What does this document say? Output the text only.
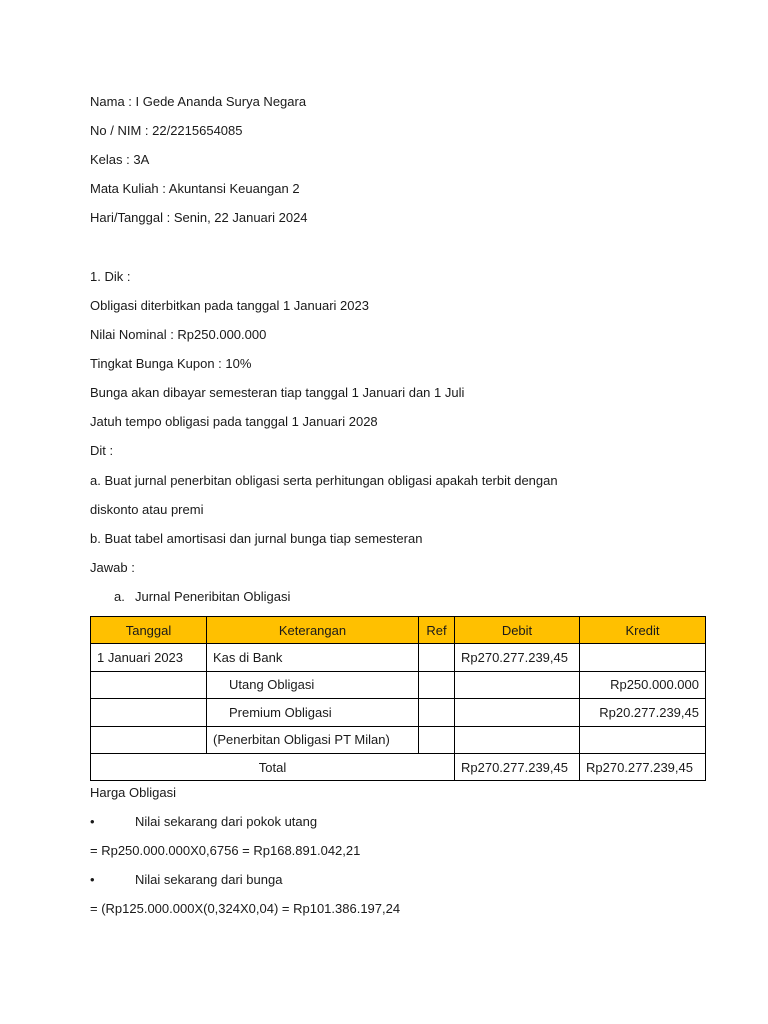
Nama : I Gede Ananda Surya Negara
No / NIM : 22/2215654085
Kelas : 3A
Mata Kuliah : Akuntansi Keuangan 2
Hari/Tanggal : Senin, 22 Januari 2024
1. Dik :
Obligasi diterbitkan pada tanggal 1 Januari 2023
Nilai Nominal : Rp250.000.000
Tingkat Bunga Kupon : 10%
Bunga akan dibayar semesteran tiap tanggal 1 Januari dan 1 Juli
Jatuh tempo obligasi pada tanggal 1 Januari 2028
Dit :
a. Buat jurnal penerbitan obligasi serta perhitungan obligasi apakah terbit dengan
diskonto atau premi
b. Buat tabel amortisasi dan jurnal bunga tiap semesteran
Jawab :
a. Jurnal Peneribitan Obligasi
Tanggal	Keterangan	Ref	Debit	Kredit
1 Januari 2023	Kas di Bank		Rp270.277.239,45	
	Utang Obligasi			Rp250.000.000
	Premium Obligasi			Rp20.277.239,45
	(Penerbitan Obligasi PT Milan)			
Total			Rp270.277.239,45	Rp270.277.239,45
Harga Obligasi
•	Nilai sekarang dari pokok utang
= Rp250.000.000X0,6756 = Rp168.891.042,21
•	Nilai sekarang dari bunga
= (Rp125.000.000X(0,324X0,04) = Rp101.386.197,24
